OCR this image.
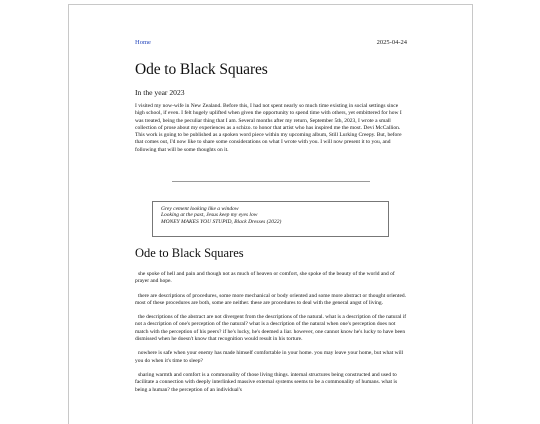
Home	2025-04-24
Ode to Black Squares

In the year 2023

I visited my now-wife in New Zealand. Before this, I had not spent nearly so much time existing in social settings since high school, if even. I felt hugely uplifted when given the opportunity to spend time with others, yet embittered for how I was treated, being the peculiar thing that I am. Several months after my return, September 5th, 2023, I wrote a small collection of prose about my experiences as a schizo. to honor that artist who has inspired me the most. Devi McCallion. This work is going to be published as a spoken word piece within my upcoming album, Still Lurking Creepy. But, before that comes out, I'd now like to share some considerations on what I wrote with you. I will now present it to you, and following that will be some thoughts on it.

Grey cement looking like a window
Looking at the past, Jesus keep my eyes low
MONEY MAKES YOU STUPID, Black Dresses (2022)
Ode to Black Squares

she spoke of hell and pain and though not as much of heaven or comfort, she spoke of the beauty of the world and of prayer and hope.

there are descriptions of procedures, some more mechanical or body oriented and some more abstract or thought oriented. most of these procedures are both, some are neither. these are procedures to deal with the general angst of living.

the descriptions of the abstract are not divergent from the descriptions of the natural. what is a description of the natural if not a description of one's perception of the natural? what is a description of the natural when one's perception does not match with the perception of his peers? if he's lucky, he's deemed a liar. however, one cannot know he's lucky to have been dismissed when he doesn't know that recognition would result in his torture.

nowhere is safe when your enemy has made himself comfortable in your home. you may leave your home, but what will you do when it's time to sleep?

sharing warmth and comfort is a commonality of those living things. internal structures being constructed and used to facilitate a connection with deeply interlinked massive external systems seems to be a commonality of humans. what is being a human? the perception of an individual's
